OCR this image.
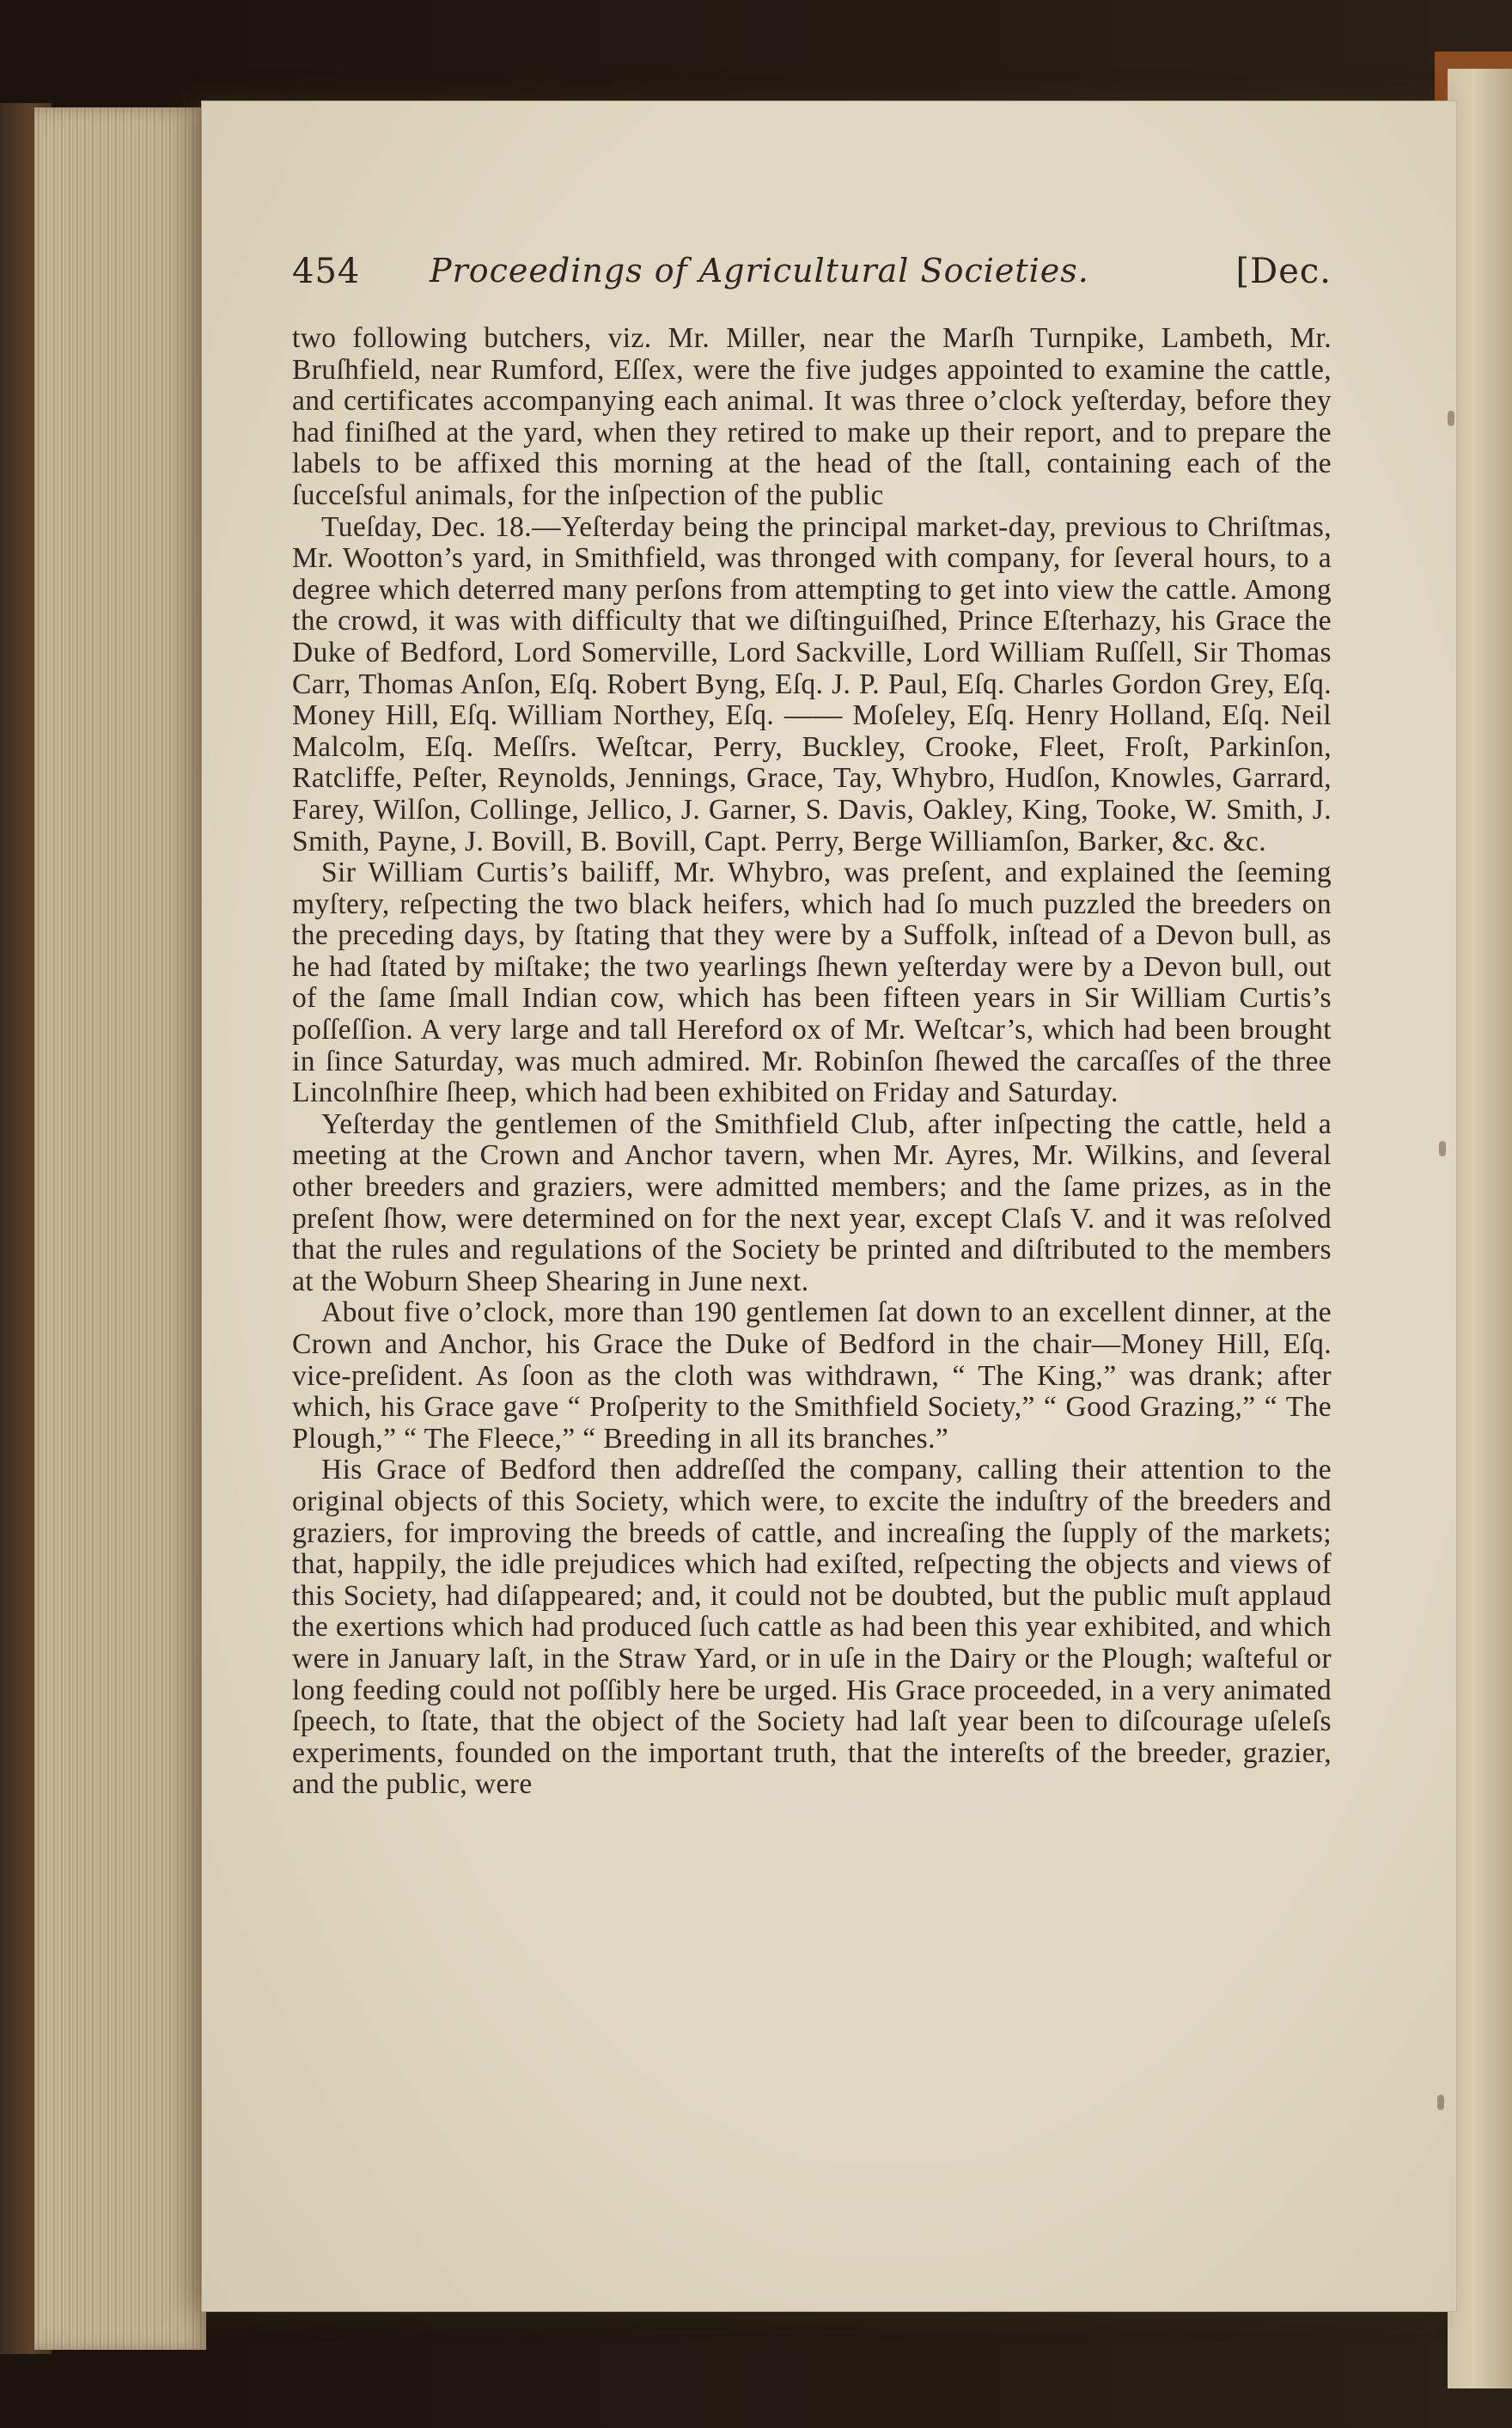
454 Proceedings of Agricultural Societies.	[Dec.

two following butchers, viz. Mr. Miller, near the Marſh Turnpike, Lambeth, Mr. Bruſhfield, near Rumford, Eſſex, were the five judges appointed to examine the cattle, and certificates accompanying each animal. It was three o’clock yeſterday, before they had finiſhed at the yard, when they retired to make up their report, and to prepare the labels to be affixed this morning at the head of the ſtall, containing each of the ſucceſsful animals, for the inſpection of the public

Tueſday, Dec. 18.—Yeſterday being the principal market-day, previous to Chriſtmas, Mr. Wootton’s yard, in Smithfield, was thronged with company, for ſeveral hours, to a degree which deterred many perſons from attempting to get into view the cattle. Among the crowd, it was with difficulty that we diſtinguiſhed, Prince Eſterhazy, his Grace the Duke of Bedford, Lord Somerville, Lord Sackville, Lord William Ruſſell, Sir Thomas Carr, Thomas Anſon, Eſq. Robert Byng, Eſq. J. P. Paul, Eſq. Charles Gordon Grey, Eſq. Money Hill, Eſq. William Northey, Eſq. —— Moſeley, Eſq. Henry Holland, Eſq. Neil Malcolm, Eſq. Meſſrs. Weſtcar, Perry, Buckley, Crooke, Fleet, Froſt, Parkinſon, Ratcliffe, Peſter, Reynolds, Jennings, Grace, Tay, Whybro, Hudſon, Knowles, Garrard, Farey, Wilſon, Collinge, Jellico, J. Garner, S. Davis, Oakley, King, Tooke, W. Smith, J. Smith, Payne, J. Bovill, B. Bovill, Capt. Perry, Berge Williamſon, Barker, &c. &c.

Sir William Curtis’s bailiff, Mr. Whybro, was preſent, and explained the ſeeming myſtery, reſpecting the two black heifers, which had ſo much puzzled the breeders on the preceding days, by ſtating that they were by a Suffolk, inſtead of a Devon bull, as he had ſtated by miſtake; the two yearlings ſhewn yeſterday were by a Devon bull, out of the ſame ſmall Indian cow, which has been fifteen years in Sir William Curtis’s poſſeſſion. A very large and tall Hereford ox of Mr. Weſtcar’s, which had been brought in ſince Saturday, was much admired. Mr. Robinſon ſhewed the carcaſſes of the three Lincolnſhire ſheep, which had been exhibited on Friday and Saturday.

Yeſterday the gentlemen of the Smithfield Club, after inſpecting the cattle, held a meeting at the Crown and Anchor tavern, when Mr. Ayres, Mr. Wilkins, and ſeveral other breeders and graziers, were admitted members; and the ſame prizes, as in the preſent ſhow, were determined on for the next year, except Claſs V. and it was reſolved that the rules and regulations of the Society be printed and diſtributed to the members at the Woburn Sheep Shearing in June next.

About five o’clock, more than 190 gentlemen ſat down to an excellent dinner, at the Crown and Anchor, his Grace the Duke of Bedford in the chair—Money Hill, Eſq. vice-preſident. As ſoon as the cloth was withdrawn, “ The King,” was drank; after which, his Grace gave “ Proſperity to the Smithfield Society,” “ Good Grazing,” “ The Plough,” “ The Fleece,” “ Breeding in all its branches.”

His Grace of Bedford then addreſſed the company, calling their attention to the original objects of this Society, which were, to excite the induſtry of the breeders and graziers, for improving the breeds of cattle, and increaſing the ſupply of the markets; that, happily, the idle prejudices which had exiſted, reſpecting the objects and views of this Society, had diſappeared; and, it could not be doubted, but the public muſt applaud the exertions which had produced ſuch cattle as had been this year exhibited, and which were in January laſt, in the Straw Yard, or in uſe in the Dairy or the Plough; waſteful or long feeding could not poſſibly here be urged. His Grace proceeded, in a very animated ſpeech, to ſtate, that the object of the Society had laſt year been to diſcourage uſeleſs experiments, founded on the important truth, that the intereſts of the breeder, grazier, and the public, were
